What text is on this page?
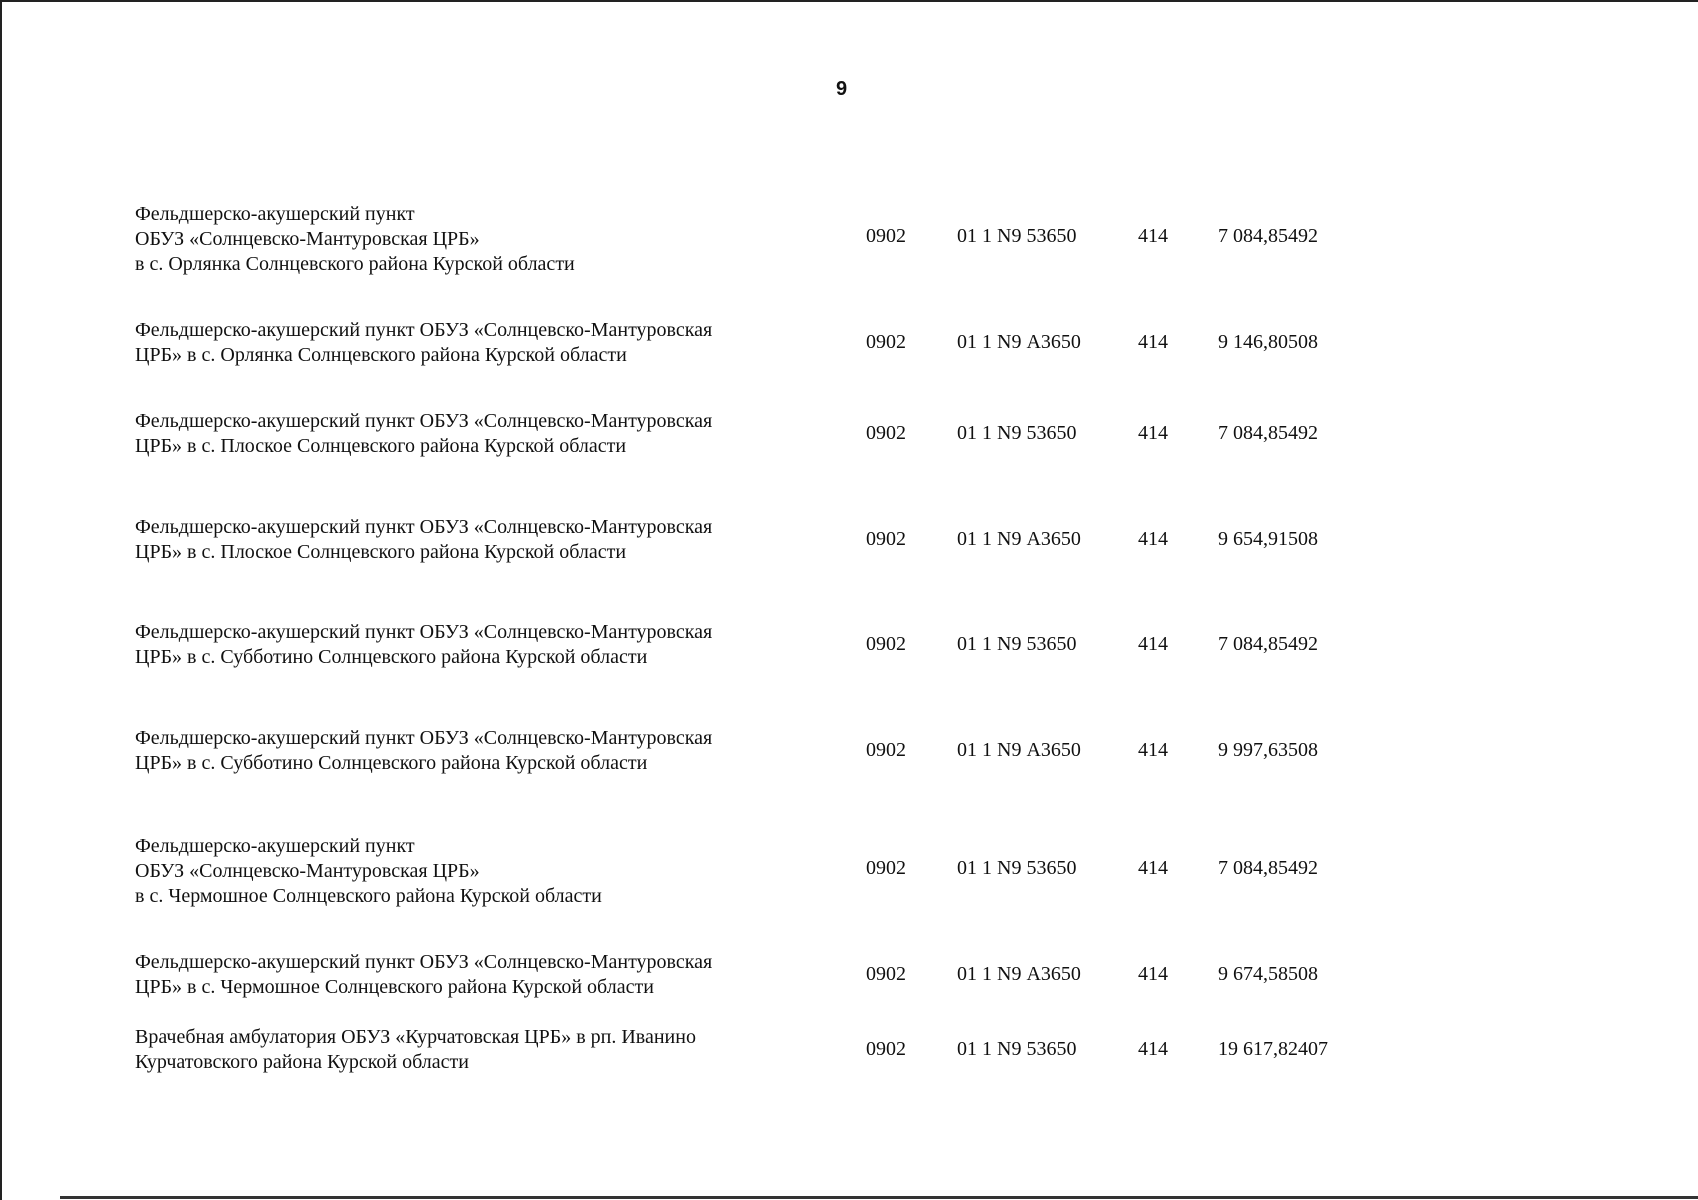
9
Фельдшерско-акушерский пункт
ОБУЗ «Солнцевско-Мантуровская ЦРБ»
в с. Орлянка Солнцевского района Курской области
0902	01 1 N9 53650	414	7 084,85492
Фельдшерско-акушерский пункт ОБУЗ «Солнцевско-Мантуровская
ЦРБ» в с. Орлянка Солнцевского района Курской области
0902	01 1 N9 А3650	414	9 146,80508
Фельдшерско-акушерский пункт ОБУЗ «Солнцевско-Мантуровская
ЦРБ» в с. Плоское Солнцевского района Курской области
0902	01 1 N9 53650	414	7 084,85492
Фельдшерско-акушерский пункт ОБУЗ «Солнцевско-Мантуровская
ЦРБ» в с. Плоское Солнцевского района Курской области
0902	01 1 N9 А3650	414	9 654,91508
Фельдшерско-акушерский пункт ОБУЗ «Солнцевско-Мантуровская
ЦРБ» в с. Субботино Солнцевского района Курской области
0902	01 1 N9 53650	414	7 084,85492
Фельдшерско-акушерский пункт ОБУЗ «Солнцевско-Мантуровская
ЦРБ» в с. Субботино Солнцевского района Курской области
0902	01 1 N9 А3650	414	9 997,63508
Фельдшерско-акушерский пункт
ОБУЗ «Солнцевско-Мантуровская ЦРБ»
в с. Чермошное Солнцевского района Курской области
0902	01 1 N9 53650	414	7 084,85492
Фельдшерско-акушерский пункт ОБУЗ «Солнцевско-Мантуровская
ЦРБ» в с. Чермошное Солнцевского района Курской области
0902	01 1 N9 А3650	414	9 674,58508
Врачебная амбулатория ОБУЗ «Курчатовская ЦРБ» в рп. Иванино
Курчатовского района Курской области
0902	01 1 N9 53650	414	19 617,82407
